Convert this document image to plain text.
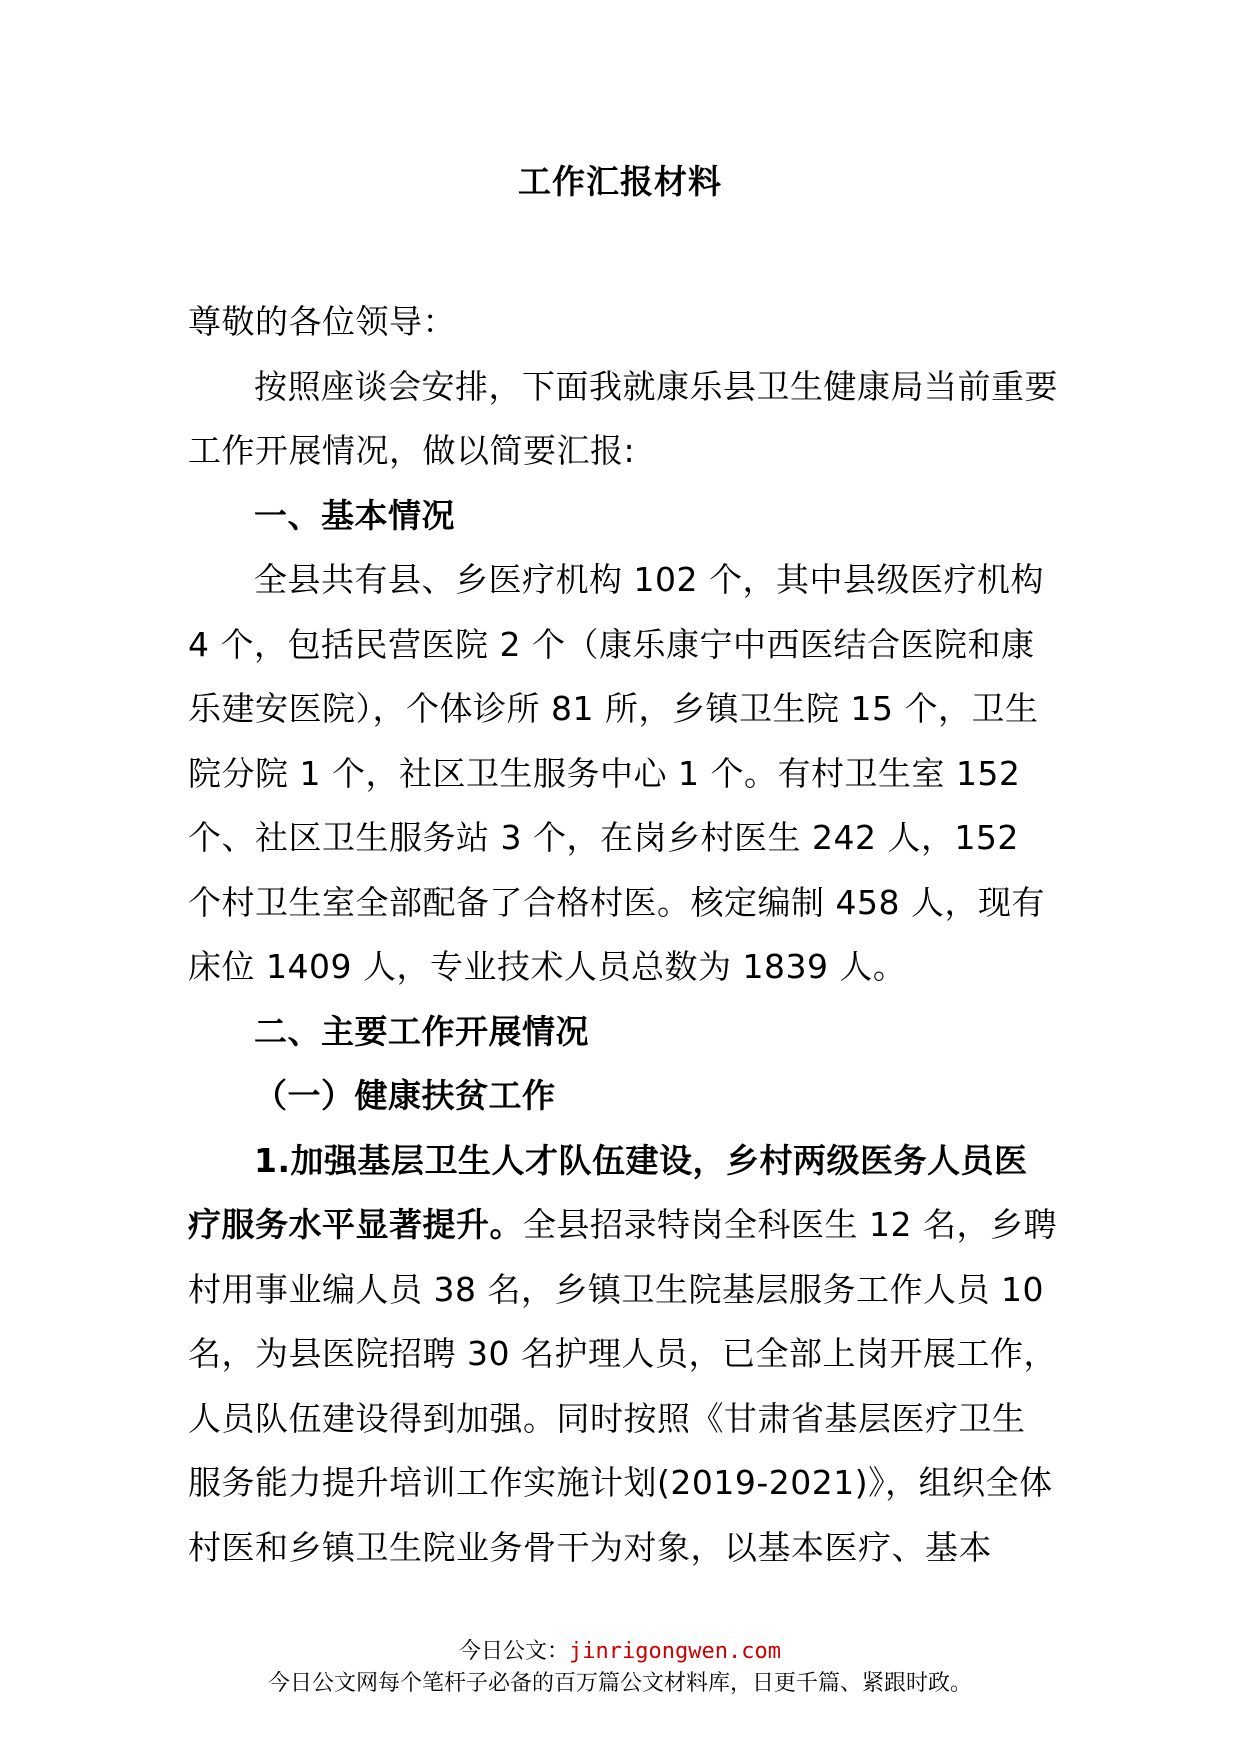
工作汇报材料

尊敬的各位领导：

按照座谈会安排，下面我就康乐县卫生健康局当前重要工作开展情况，做以简要汇报:

一、基本情况

全县共有县、乡医疗机构 102 个，其中县级医疗机构 4 个，包括民营医院 2 个（康乐康宁中西医结合医院和康乐建安医院），个体诊所 81 所，乡镇卫生院 15 个，卫生院分院 1 个，社区卫生服务中心 1 个。有村卫生室 152 个、社区卫生服务站 3 个，在岗乡村医生 242 人，152 个村卫生室全部配备了合格村医。核定编制 458 人，现有床位 1409 人，专业技术人员总数为 1839 人。

二、主要工作开展情况

（一）健康扶贫工作

1.加强基层卫生人才队伍建设，乡村两级医务人员医疗服务水平显著提升。全县招录特岗全科医生 12 名，乡聘村用事业编人员 38 名，乡镇卫生院基层服务工作人员 10 名，为县医院招聘 30 名护理人员，已全部上岗开展工作，人员队伍建设得到加强。同时按照《甘肃省基层医疗卫生服务能力提升培训工作实施计划(2019-2021)》，组织全体村医和乡镇卫生院业务骨干为对象，以基本医疗、基本

今日公文：jinrigongwen.com
今日公文网每个笔杆子必备的百万篇公文材料库，日更千篇、紧跟时政。
